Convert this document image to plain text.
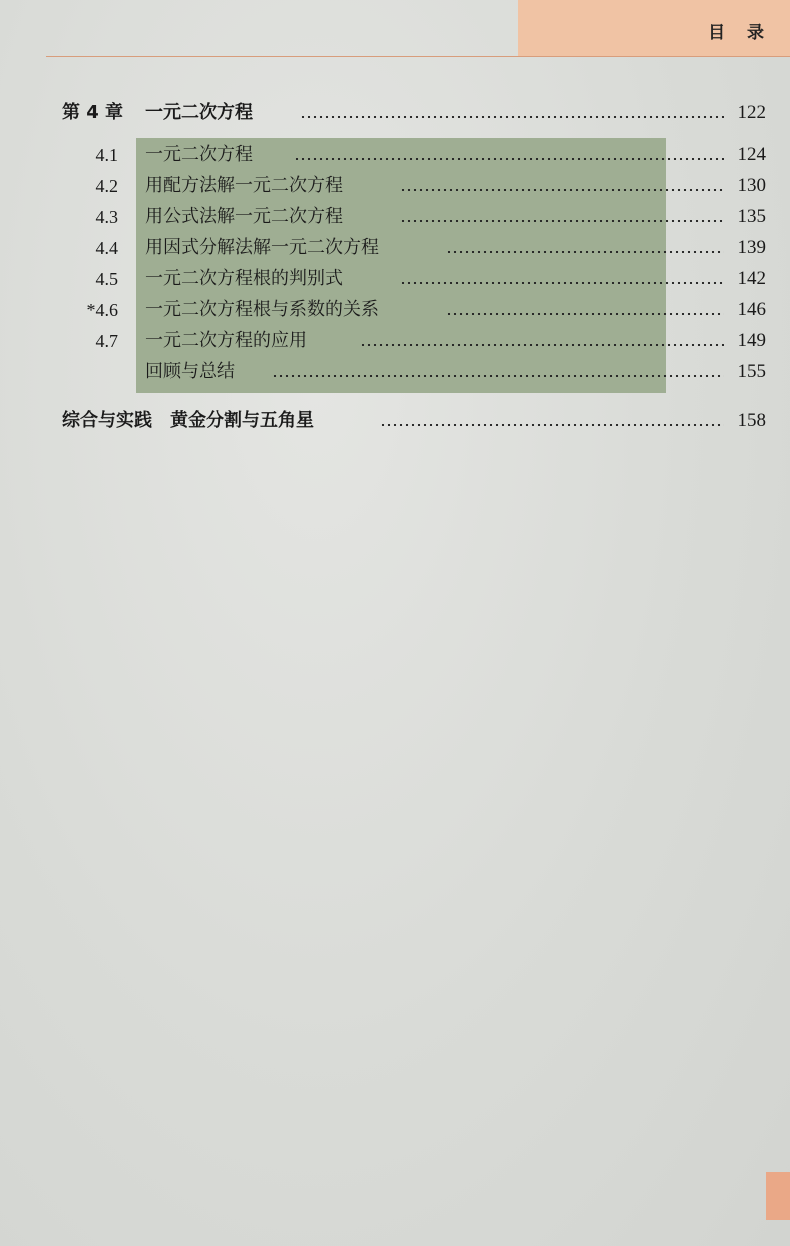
目 录
第 4 章 一元二次方程	122
4.1 一元二次方程	124
4.2 用配方法解一元二次方程	130
4.3 用公式法解一元二次方程	135
4.4 用因式分解法解一元二次方程	139
4.5 一元二次方程根的判别式	142
*4.6 一元二次方程根与系数的关系	146
4.7 一元二次方程的应用	149
回顾与总结	155
综合与实践　黄金分割与五角星	158
